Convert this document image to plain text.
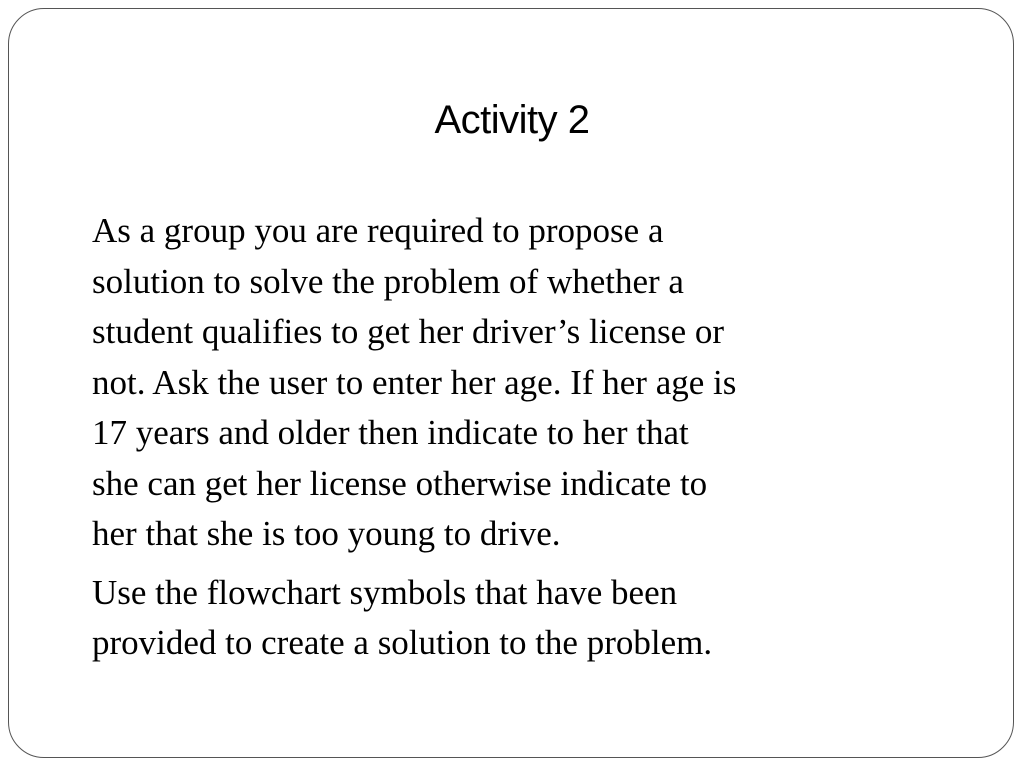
Activity 2

As a group you are required to propose a
solution to solve the problem of whether a
student qualifies to get her driver’s license or
not. Ask the user to enter her age. If her age is
17 years and older then indicate to her that
she can get her license otherwise indicate to
her that she is too young to drive.

Use the flowchart symbols that have been
provided to create a solution to the problem.
